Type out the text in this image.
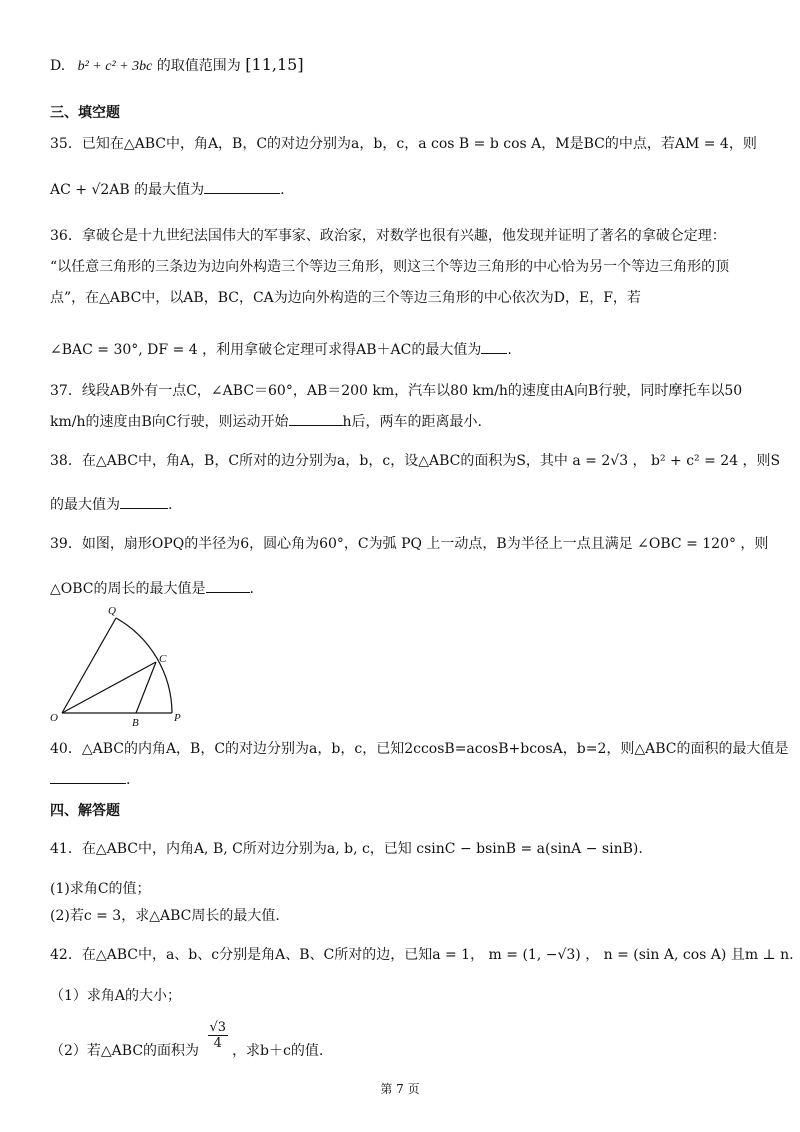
D. b² + c² + 3bc 的取值范围为 [11,15]
三、填空题
35．已知在△ABC中，角A，B，C的对边分别为a，b，c，a cos B = b cos A，M是BC的中点，若AM = 4，则
AC + √2AB 的最大值为	.
36．拿破仑是十九世纪法国伟大的军事家、政治家，对数学也很有兴趣，他发现并证明了著名的拿破仑定理：
“以任意三角形的三条边为边向外构造三个等边三角形，则这三个等边三角形的中心恰为另一个等边三角形的顶
点”，在△ABC中，以AB，BC，CA为边向外构造的三个等边三角形的中心依次为D，E，F，若
∠BAC = 30°, DF = 4 ，利用拿破仑定理可求得AB＋AC的最大值为 .
37．线段AB外有一点C，∠ABC＝60°，AB＝200 km，汽车以80 km/h的速度由A向B行驶，同时摩托车以50
km/h的速度由B向C行驶，则运动开始	h后，两车的距离最小.
38．在△ABC中，角A，B，C所对的边分别为a，b，c，设△ABC的面积为S，其中 a = 2√3 ， b² + c² = 24 ，则S
的最大值为	.
39．如图，扇形OPQ的半径为6，圆心角为60°，C为弧 PQ 上一动点，B为半径上一点且满足 ∠OBC = 120° ，则
△OBC的周长的最大值是	.
Q
C
O	B	P
40．△ABC的内角A，B，C的对边分别为a，b，c，已知2ccosB=acosB+bcosA，b=2，则△ABC的面积的最大值是
.
四、解答题
41．在△ABC中，内角A, B, C所对边分别为a, b, c，已知 csinC − bsinB = a(sinA − sinB).
(1)求角C的值；
(2)若c = 3，求△ABC周长的最大值.
42．在△ABC中，a、b、c分别是角A、B、C所对的边，已知a = 1， m = (1, −√3) ， n = (sin A, cos A) 且m ⊥ n.
（1）求角A的大小；
（2）若△ABC的面积为 $\frac{√3}{4}$ ，求b＋c的值.
第 7 页
